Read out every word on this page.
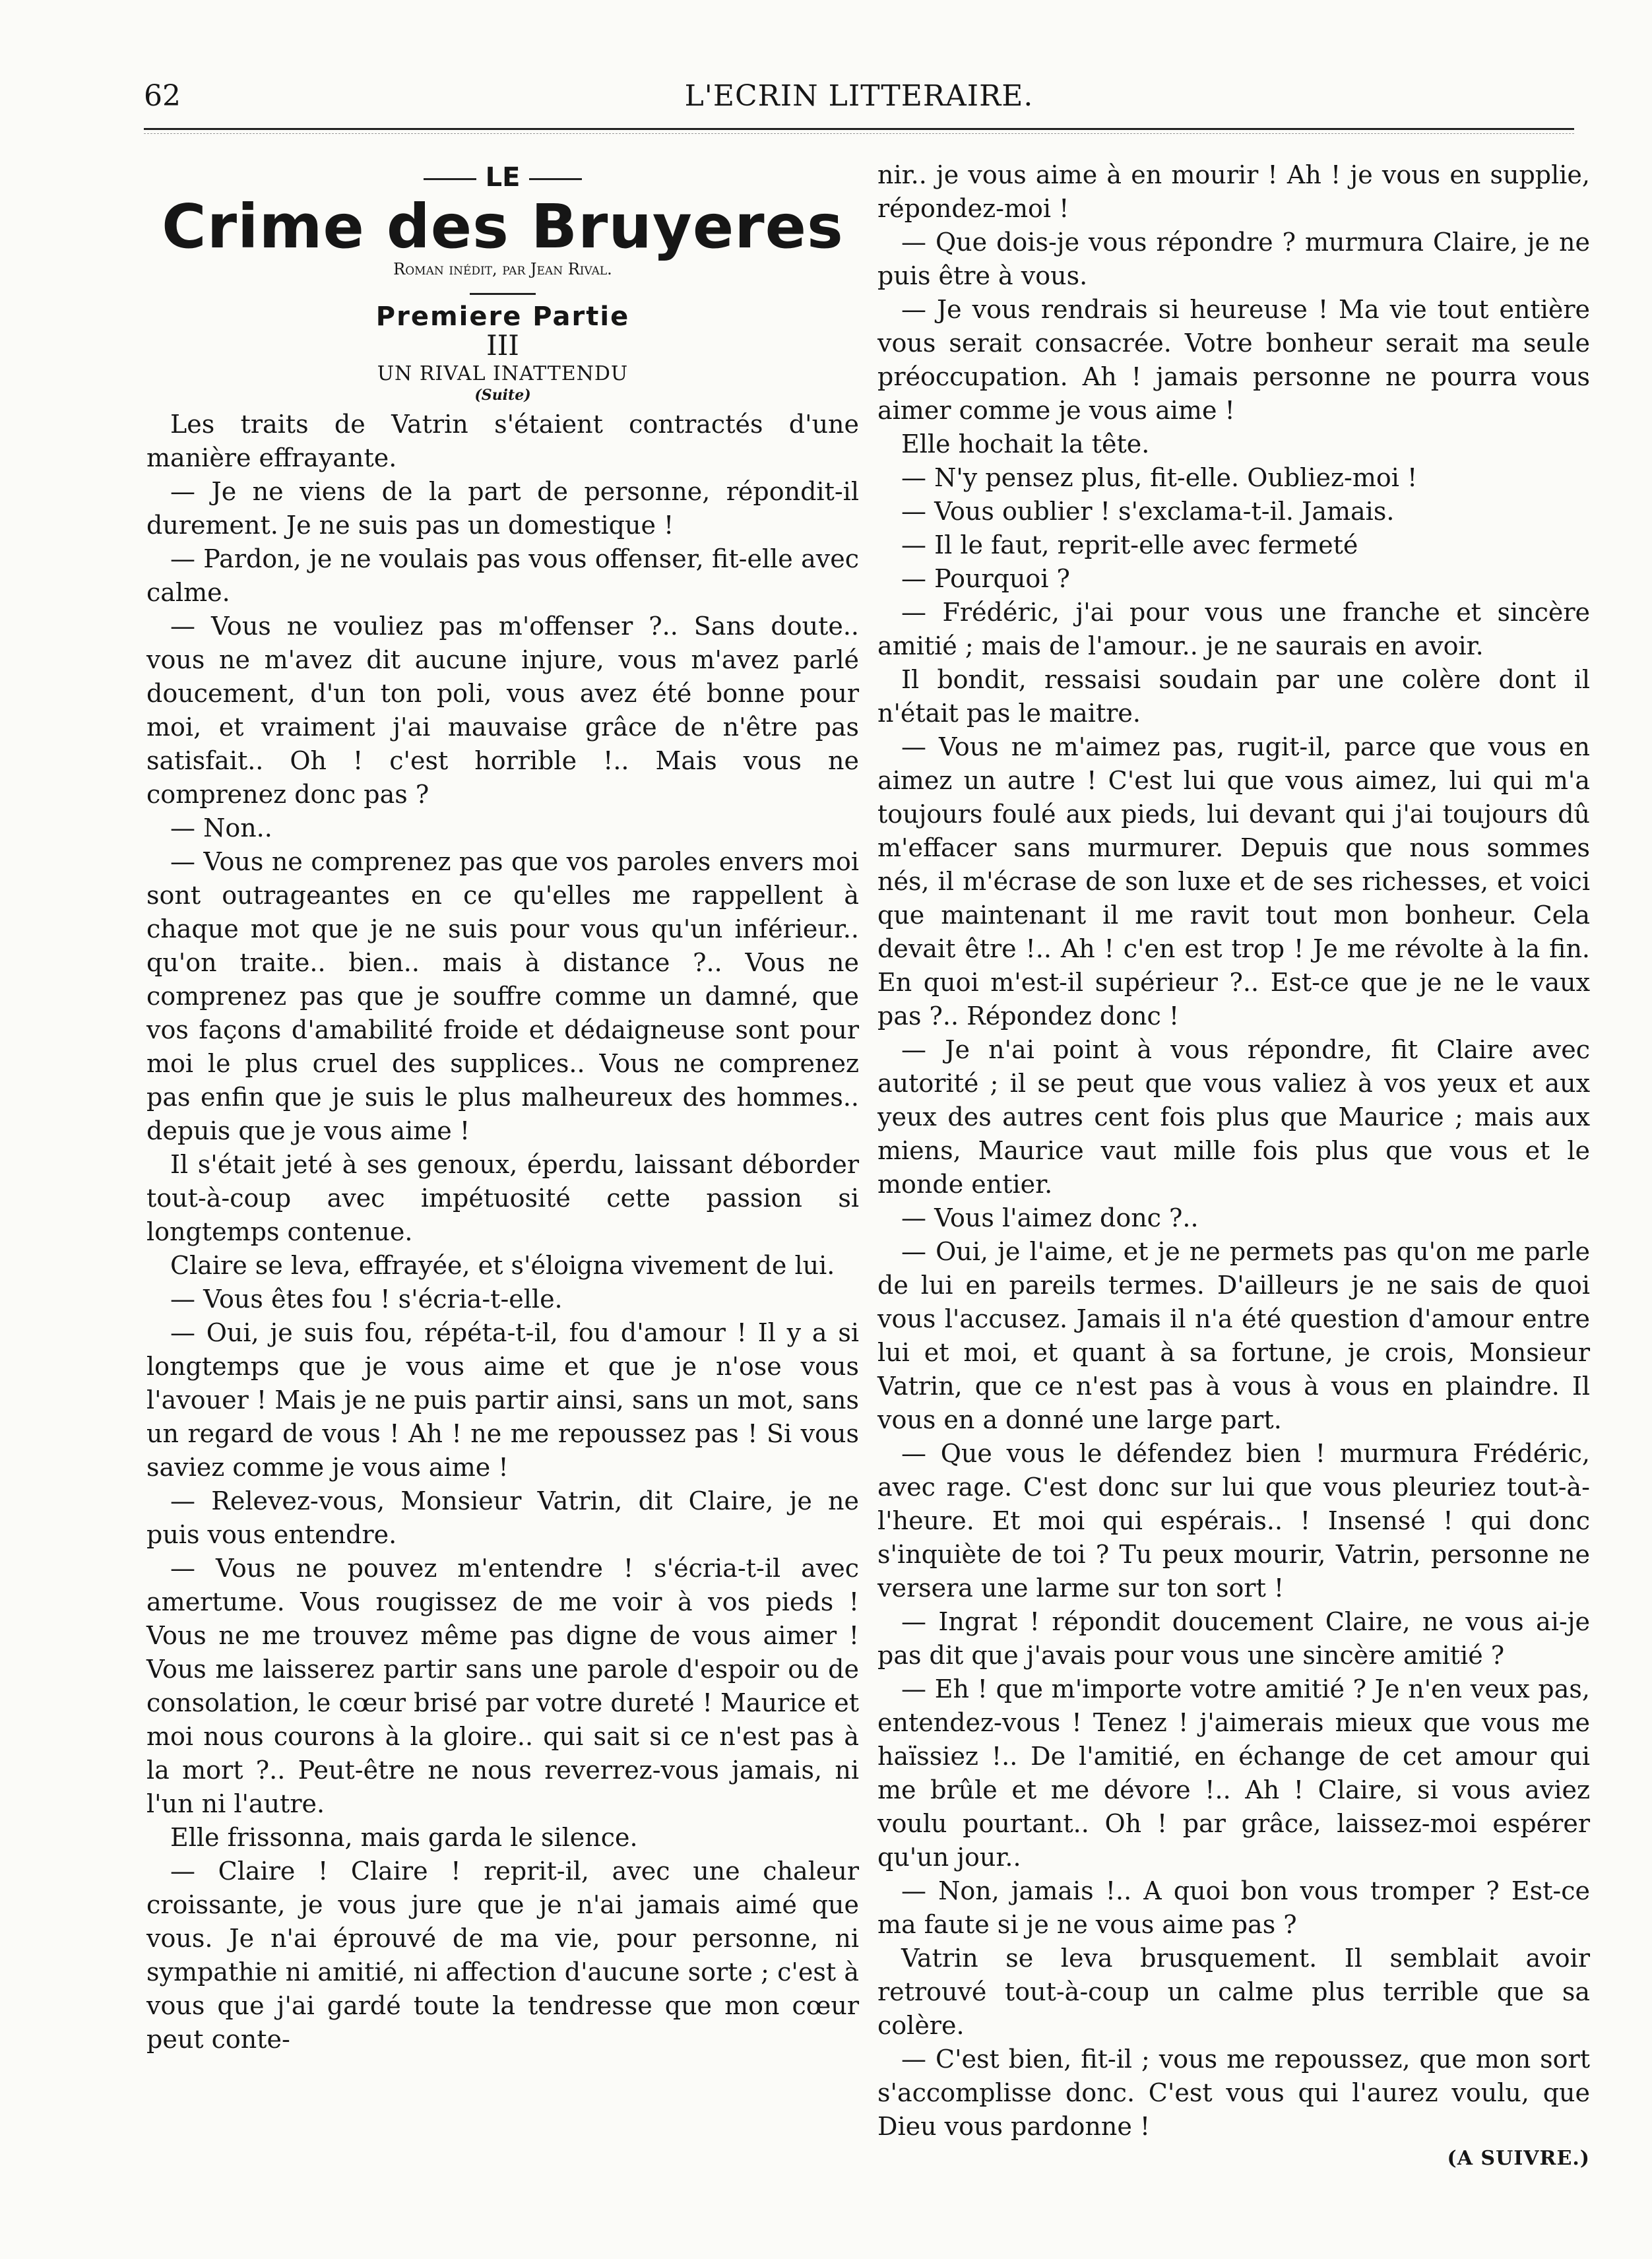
62	L'ECRIN LITTERAIRE.
LE
Crime des Bruyeres
Roman inédit, par Jean Rival.
Premiere Partie
III
UN RIVAL INATTENDU
(Suite)

Les traits de Vatrin s'étaient contractés d'une manière effrayante.

— Je ne viens de la part de personne, répondit-il durement. Je ne suis pas un domestique !

— Pardon, je ne voulais pas vous offenser, fit-elle avec calme.

— Vous ne vouliez pas m'offenser ?.. Sans doute.. vous ne m'avez dit aucune injure, vous m'avez parlé doucement, d'un ton poli, vous avez été bonne pour moi, et vraiment j'ai mauvaise grâce de n'être pas satisfait.. Oh ! c'est horrible !.. Mais vous ne comprenez donc pas ?

— Non..

— Vous ne comprenez pas que vos paroles envers moi sont outrageantes en ce qu'elles me rappellent à chaque mot que je ne suis pour vous qu'un inférieur.. qu'on traite.. bien.. mais à distance ?.. Vous ne comprenez pas que je souffre comme un damné, que vos façons d'amabilité froide et dédaigneuse sont pour moi le plus cruel des supplices.. Vous ne comprenez pas enfin que je suis le plus malheureux des hommes.. depuis que je vous aime !

Il s'était jeté à ses genoux, éperdu, laissant déborder tout-à-coup avec impétuosité cette passion si longtemps contenue.

Claire se leva, effrayée, et s'éloigna vivement de lui.

— Vous êtes fou ! s'écria-t-elle.

— Oui, je suis fou, répéta-t-il, fou d'amour ! Il y a si longtemps que je vous aime et que je n'ose vous l'avouer ! Mais je ne puis partir ainsi, sans un mot, sans un regard de vous ! Ah ! ne me repoussez pas ! Si vous saviez comme je vous aime !

— Relevez-vous, Monsieur Vatrin, dit Claire, je ne puis vous entendre.

— Vous ne pouvez m'entendre ! s'écria-t-il avec amertume. Vous rougissez de me voir à vos pieds ! Vous ne me trouvez même pas digne de vous aimer ! Vous me laisserez partir sans une parole d'espoir ou de consolation, le cœur brisé par votre dureté ! Maurice et moi nous courons à la gloire.. qui sait si ce n'est pas à la mort ?.. Peut-être ne nous reverrez-vous jamais, ni l'un ni l'autre.

Elle frissonna, mais garda le silence.

— Claire ! Claire ! reprit-il, avec une chaleur croissante, je vous jure que je n'ai jamais aimé que vous. Je n'ai éprouvé de ma vie, pour personne, ni sympathie ni amitié, ni affection d'aucune sorte ; c'est à vous que j'ai gardé toute la tendresse que mon cœur peut conte-

nir.. je vous aime à en mourir ! Ah ! je vous en supplie, répondez-moi !

— Que dois-je vous répondre ? murmura Claire, je ne puis être à vous.

— Je vous rendrais si heureuse ! Ma vie tout entière vous serait consacrée. Votre bonheur serait ma seule préoccupation. Ah ! jamais personne ne pourra vous aimer comme je vous aime !

Elle hochait la tête.

— N'y pensez plus, fit-elle. Oubliez-moi !

— Vous oublier ! s'exclama-t-il. Jamais.

— Il le faut, reprit-elle avec fermeté

— Pourquoi ?

— Frédéric, j'ai pour vous une franche et sincère amitié ; mais de l'amour.. je ne saurais en avoir.

Il bondit, ressaisi soudain par une colère dont il n'était pas le maitre.

— Vous ne m'aimez pas, rugit-il, parce que vous en aimez un autre ! C'est lui que vous aimez, lui qui m'a toujours foulé aux pieds, lui devant qui j'ai toujours dû m'effacer sans murmurer. Depuis que nous sommes nés, il m'écrase de son luxe et de ses richesses, et voici que maintenant il me ravit tout mon bonheur. Cela devait être !.. Ah ! c'en est trop ! Je me révolte à la fin. En quoi m'est-il supérieur ?.. Est-ce que je ne le vaux pas ?.. Répondez donc !

— Je n'ai point à vous répondre, fit Claire avec autorité ; il se peut que vous valiez à vos yeux et aux yeux des autres cent fois plus que Maurice ; mais aux miens, Maurice vaut mille fois plus que vous et le monde entier.

— Vous l'aimez donc ?..

— Oui, je l'aime, et je ne permets pas qu'on me parle de lui en pareils termes. D'ailleurs je ne sais de quoi vous l'accusez. Jamais il n'a été question d'amour entre lui et moi, et quant à sa fortune, je crois, Monsieur Vatrin, que ce n'est pas à vous à vous en plaindre. Il vous en a donné une large part.

— Que vous le défendez bien ! murmura Frédéric, avec rage. C'est donc sur lui que vous pleuriez tout-à-l'heure. Et moi qui espérais.. ! Insensé ! qui donc s'inquiète de toi ? Tu peux mourir, Vatrin, personne ne versera une larme sur ton sort !

— Ingrat ! répondit doucement Claire, ne vous ai-je pas dit que j'avais pour vous une sincère amitié ?

— Eh ! que m'importe votre amitié ? Je n'en veux pas, entendez-vous ! Tenez ! j'aimerais mieux que vous me haïssiez !.. De l'amitié, en échange de cet amour qui me brûle et me dévore !.. Ah ! Claire, si vous aviez voulu pourtant.. Oh ! par grâce, laissez-moi espérer qu'un jour..

— Non, jamais !.. A quoi bon vous tromper ? Est-ce ma faute si je ne vous aime pas ?

Vatrin se leva brusquement. Il semblait avoir retrouvé tout-à-coup un calme plus terrible que sa colère.

— C'est bien, fit-il ; vous me repoussez, que mon sort s'accomplisse donc. C'est vous qui l'aurez voulu, que Dieu vous pardonne !

(A SUIVRE.)
